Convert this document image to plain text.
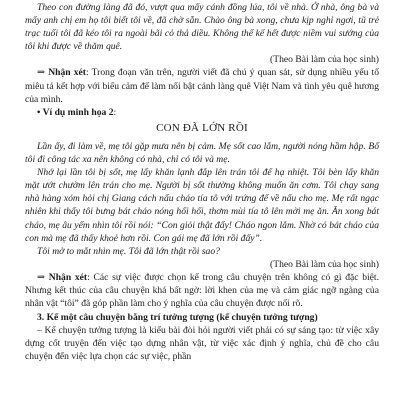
Theo con đường làng đã đó, vượt qua mấy cánh đồng lúa, tôi về nhà. Ở nhà, ông bà và mấy anh chị em họ tôi biết tôi về, đã chờ sẵn. Chào ông bà xong, chưa kịp nghỉ ngơi, tũ trẻ trạc tuổi tôi đã kéo tôi ra ngoài bãi cỏ thả diều. Không thể kể hết được niềm vui sướng của tôi khi được về thăm quê.

(Theo Bài làm của học sinh)

⇒ Nhận xét: Trong đoạn văn trên, người viết đã chú ý quan sát, sử dụng nhiều yếu tố miêu tả kết hợp với biểu cảm để làm nổi bật cảnh làng quê Việt Nam và tình yêu quê hương của mình.

• Ví dụ minh họa 2:

CON ĐÃ LỚN RỒI

Lần ấy, đi làm về, mẹ tôi gặp mưa nên bị cảm. Mẹ sốt cao lắm, người nóng hầm hập. Bố tôi đi công tác xa nên không có nhà, chỉ có tôi và mẹ.

Nhớ lại lần tôi bị sốt, mẹ lấy khăn lạnh đắp lên trán tôi để hạ nhiệt. Tôi bèn lấy khăn mặt ướt chườm lên trán cho mẹ. Người bị sốt thường không muốn ăn cơm. Tôi chạy sang nhà hàng xóm hỏi chị Giang cách nấu cháo tía tô với trứng để về nấu cho mẹ. Mẹ rất ngạc nhiên khi thấy tôi bưng bát cháo nóng hổi hổi, thơm mùi tía tô lên mời mẹ ăn. Ăn xong bát cháo, mẹ âu yếm nhìn tôi rồi nói: “Con giỏi thật đấy! Cháo ngon lắm. Nhờ có bát cháo của con mà mẹ đã thấy khoẻ hơn rồi. Con gái mẹ đã lớn rồi đấy”.

Tôi mở to mắt nhìn mẹ. Tôi đã lớn thật rồi sao?

(Theo Bài làm của học sinh)

⇒ Nhận xét: Các sự việc được chọn kể trong câu chuyện trên không có gì đặc biệt. Nhưng kết thúc của câu chuyện khá bất ngờ: lời khen của mẹ và cảm giác ngỡ ngàng của nhân vật “tôi” đã góp phần làm cho ý nghĩa của câu chuyện được nổi rõ.

3. Kể một câu chuyện bằng trí tưởng tượng (kể chuyện tưởng tượng)

– Kể chuyện tưởng tượng là kiểu bài đòi hỏi người viết phải có sự sáng tạo: từ việc xây dựng cốt truyện đến việc tạo dựng nhân vật, từ việc xác định ý nghĩa, chủ đề cho câu chuyện đến việc lựa chọn các sự việc, phần
